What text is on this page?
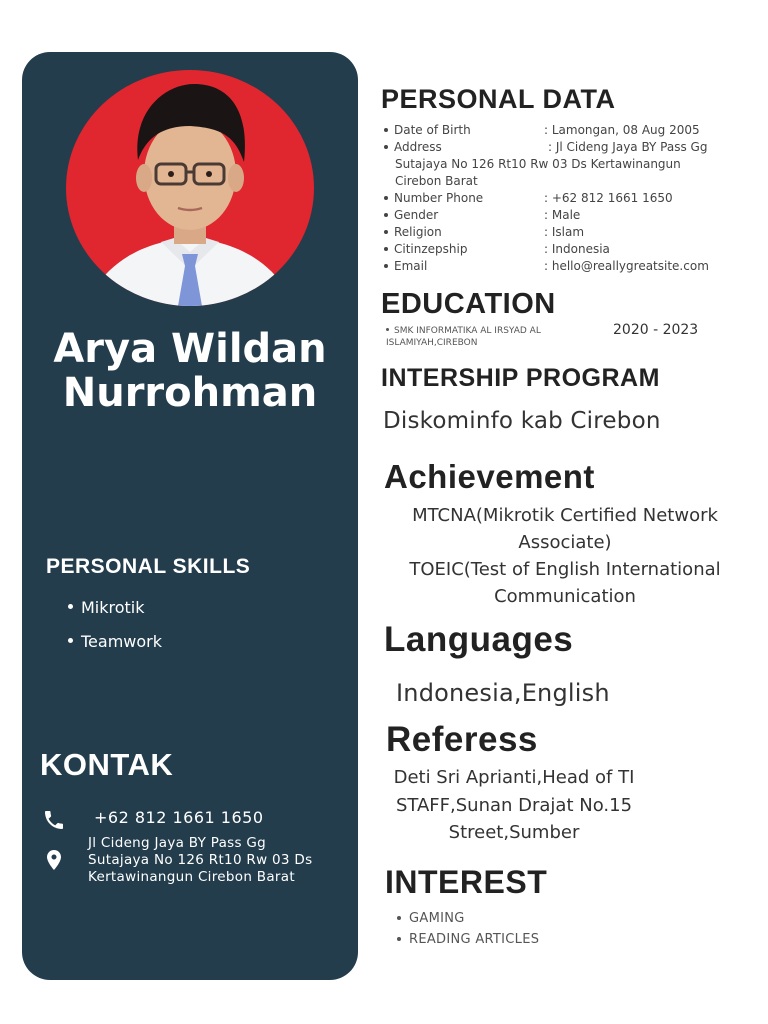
Arya Wildan
Nurrohman
PERSONAL SKILLS
Mikrotik
Teamwork
KONTAK
+62 812 1661 1650
Jl Cideng Jaya BY Pass Gg
Sutajaya No 126 Rt10 Rw 03 Ds
Kertawinangun Cirebon Barat
PERSONAL DATA
Date of Birth	: Lamongan, 08 Aug 2005
Address	: Jl Cideng Jaya BY Pass Gg
Sutajaya No 126 Rt10 Rw 03 Ds Kertawinangun
Cirebon Barat
Number Phone	: +62 812 1661 1650
Gender	: Male
Religion	: Islam
Citinzepship	: Indonesia
Email	: hello@reallygreatsite.com
EDUCATION
SMK INFORMATIKA AL IRSYAD AL ISLAMIYAH,CIREBON
2020 - 2023
INTERSHIP PROGRAM
Diskominfo kab Cirebon
Achievement
MTCNA(Mikrotik Certified Network
Associate)
TOEIC(Test of English International
Communication
Languages
Indonesia,English
Referess
Deti Sri Aprianti,Head of TI
STAFF,Sunan Drajat No.15
Street,Sumber
INTEREST
GAMING
READING ARTICLES
